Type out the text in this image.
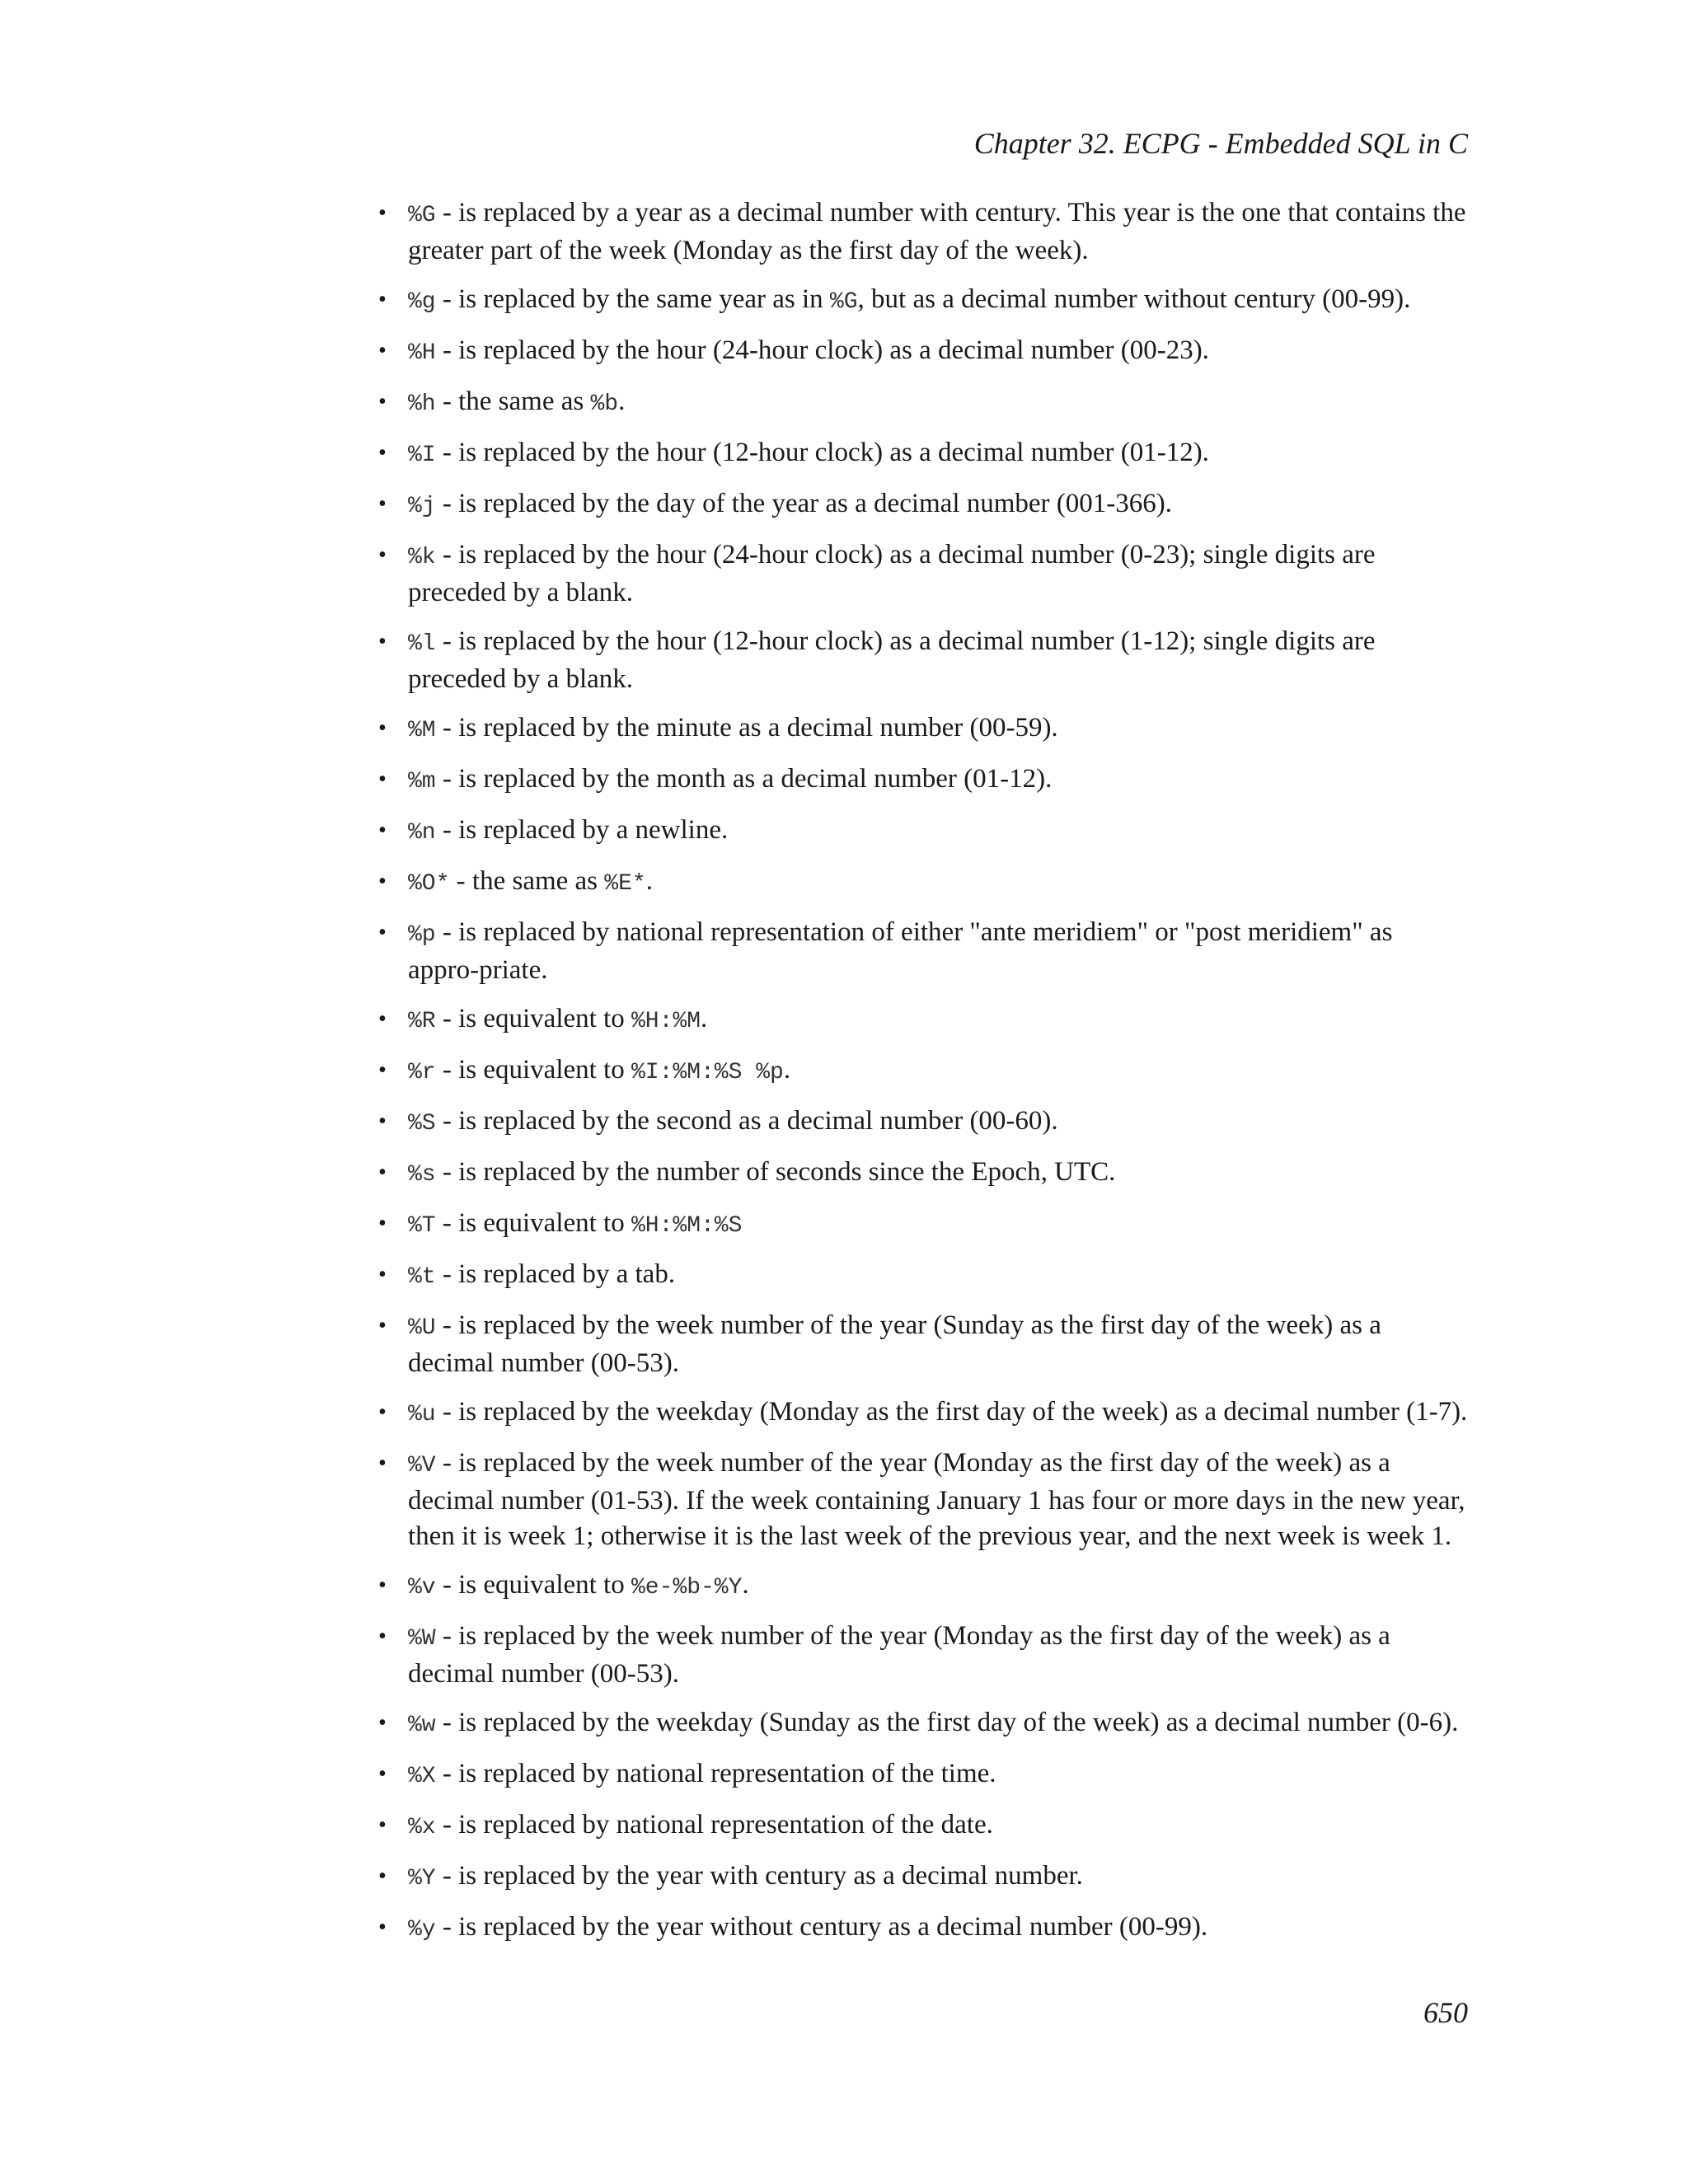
Chapter 32. ECPG - Embedded SQL in C
• %G - is replaced by a year as a decimal number with century. This year is the one that contains the greater part of the week (Monday as the first day of the week).
• %g - is replaced by the same year as in %G, but as a decimal number without century (00-99).
• %H - is replaced by the hour (24-hour clock) as a decimal number (00-23).
• %h - the same as %b.
• %I - is replaced by the hour (12-hour clock) as a decimal number (01-12).
• %j - is replaced by the day of the year as a decimal number (001-366).
• %k - is replaced by the hour (24-hour clock) as a decimal number (0-23); single digits are preceded by a blank.
• %l - is replaced by the hour (12-hour clock) as a decimal number (1-12); single digits are preceded by a blank.
• %M - is replaced by the minute as a decimal number (00-59).
• %m - is replaced by the month as a decimal number (01-12).
• %n - is replaced by a newline.
• %O* - the same as %E*.
• %p - is replaced by national representation of either "ante meridiem" or "post meridiem" as appro-priate.
• %R - is equivalent to %H:%M.
• %r - is equivalent to %I:%M:%S %p.
• %S - is replaced by the second as a decimal number (00-60).
• %s - is replaced by the number of seconds since the Epoch, UTC.
• %T - is equivalent to %H:%M:%S
• %t - is replaced by a tab.
• %U - is replaced by the week number of the year (Sunday as the first day of the week) as a decimal number (00-53).
• %u - is replaced by the weekday (Monday as the first day of the week) as a decimal number (1-7).
• %V - is replaced by the week number of the year (Monday as the first day of the week) as a decimal number (01-53). If the week containing January 1 has four or more days in the new year, then it is week 1; otherwise it is the last week of the previous year, and the next week is week 1.
• %v - is equivalent to %e-%b-%Y.
• %W - is replaced by the week number of the year (Monday as the first day of the week) as a decimal number (00-53).
• %w - is replaced by the weekday (Sunday as the first day of the week) as a decimal number (0-6).
• %X - is replaced by national representation of the time.
• %x - is replaced by national representation of the date.
• %Y - is replaced by the year with century as a decimal number.
• %y - is replaced by the year without century as a decimal number (00-99).
650
